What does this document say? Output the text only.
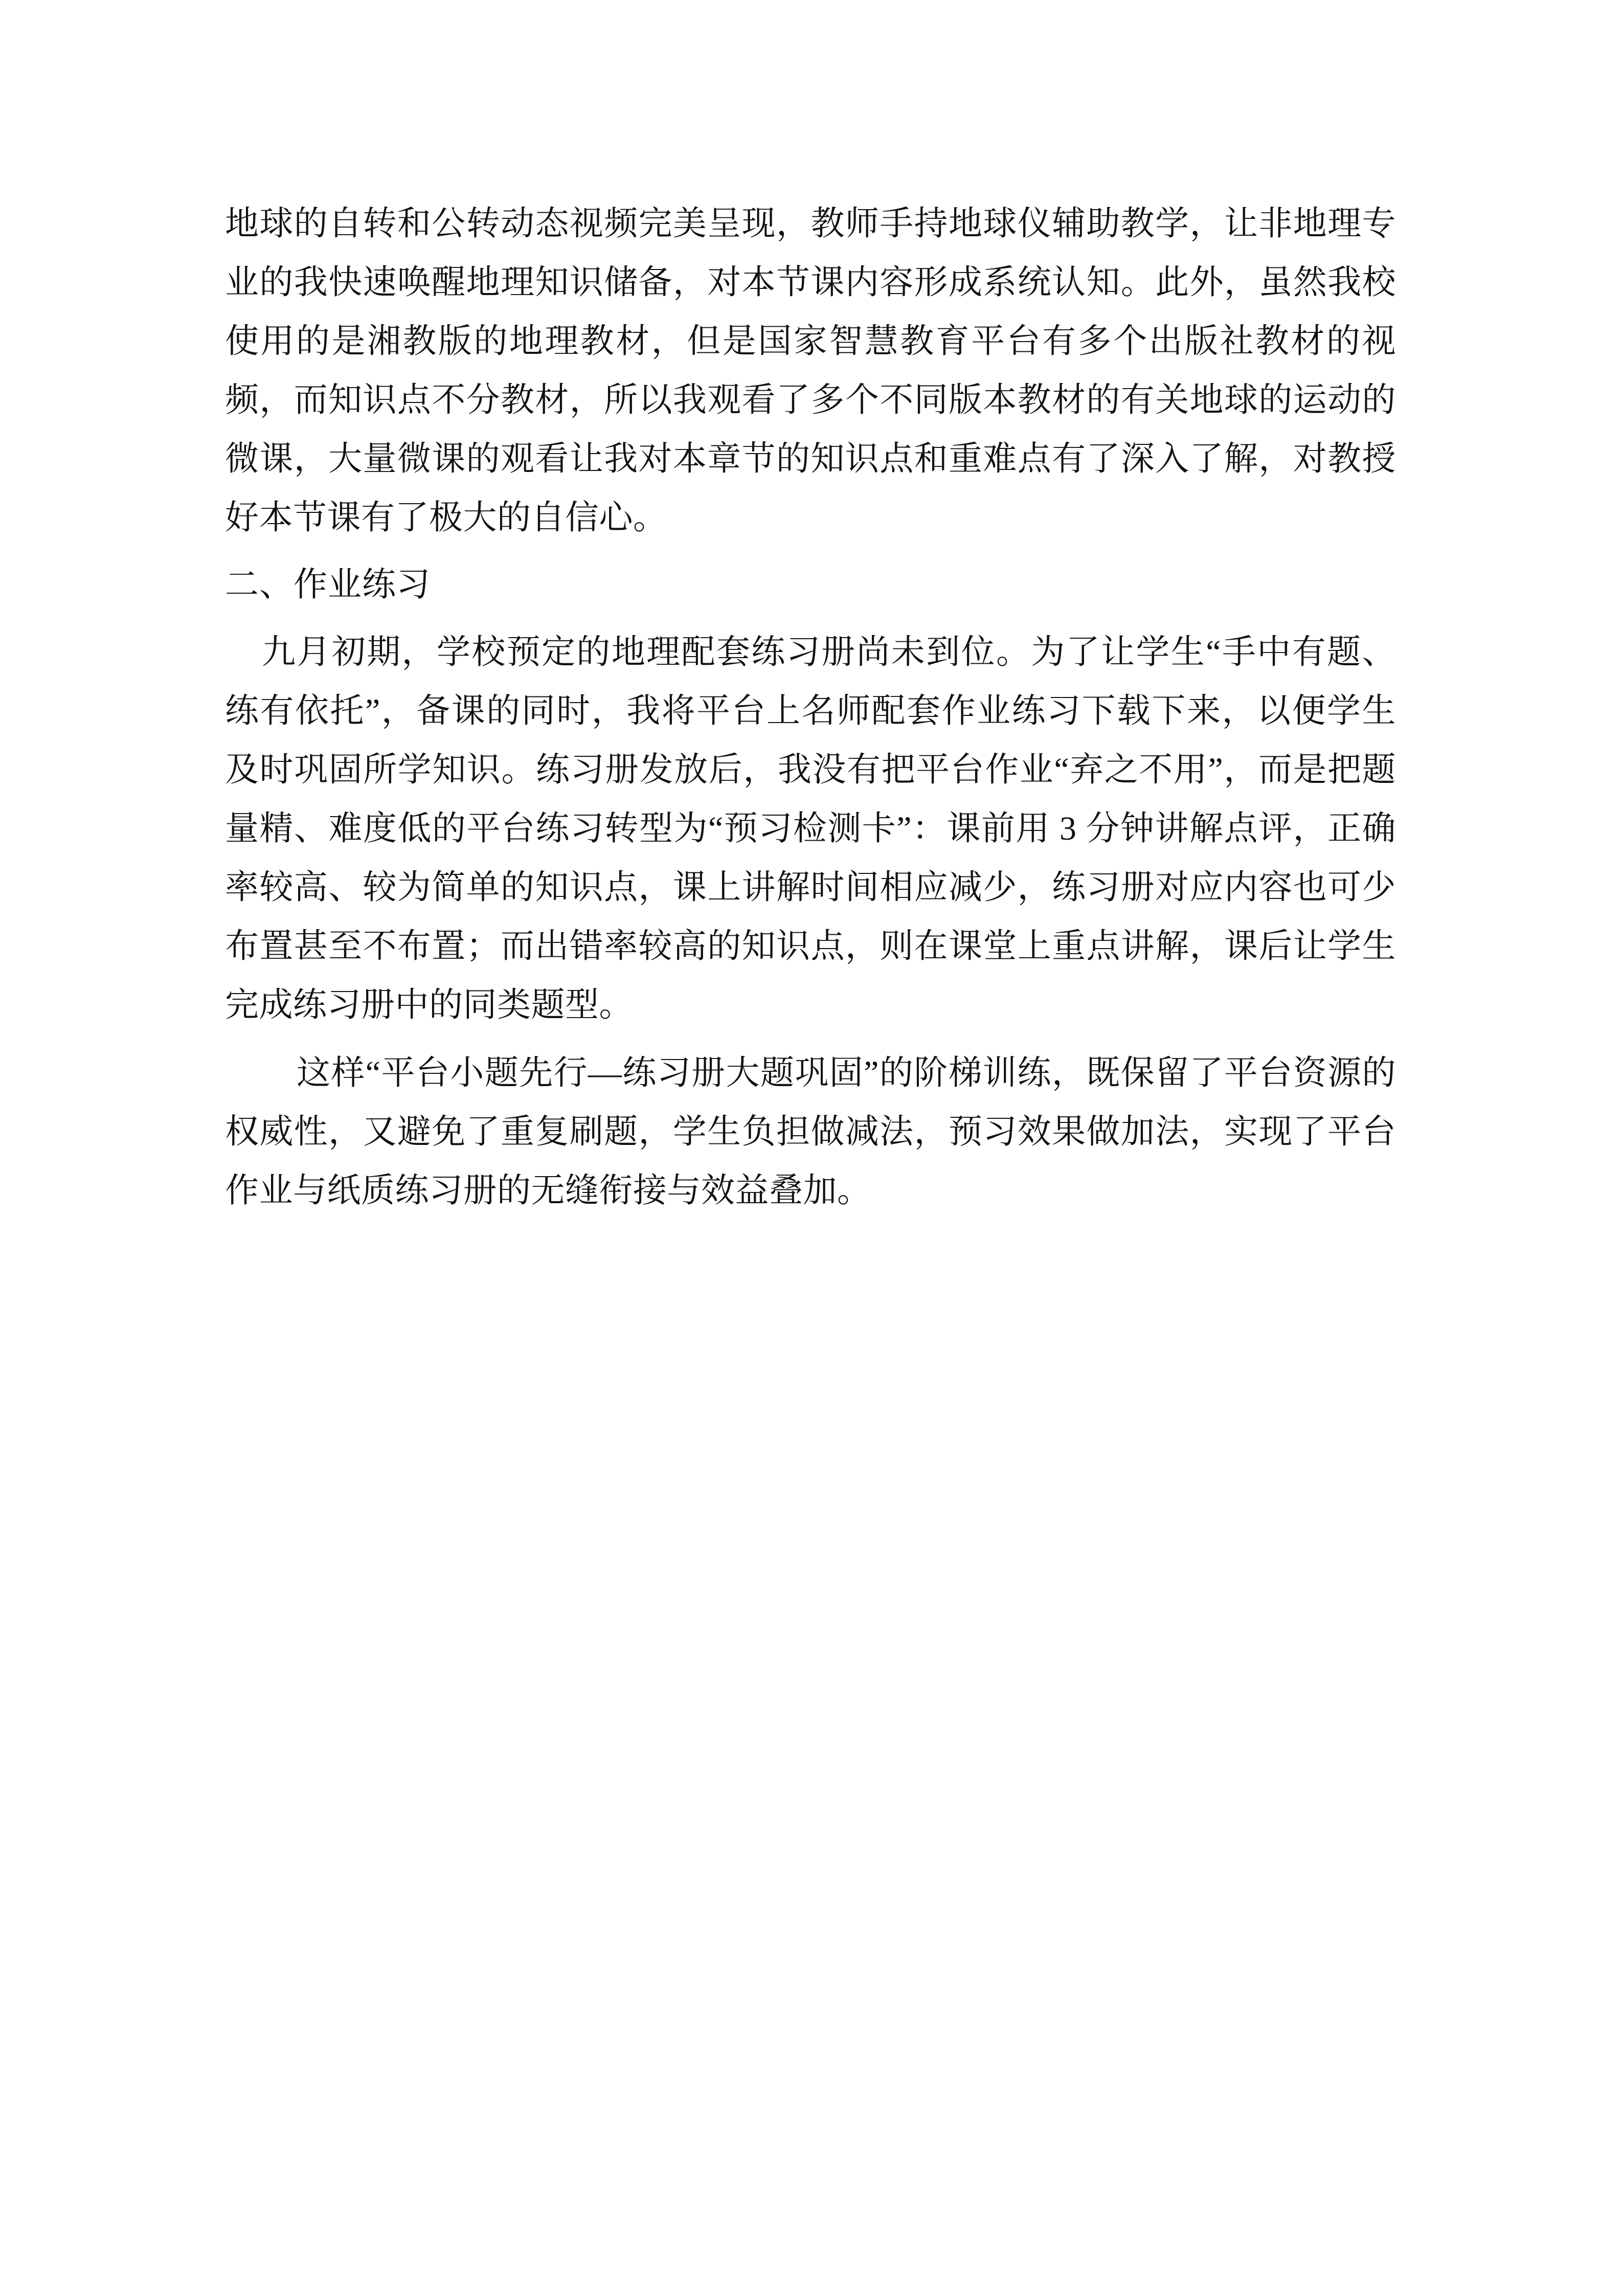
地球的自转和公转动态视频完美呈现，教师手持地球仪辅助教学，让非地理专业的我快速唤醒地理知识储备，对本节课内容形成系统认知。此外，虽然我校使用的是湘教版的地理教材，但是国家智慧教育平台有多个出版社教材的视频，而知识点不分教材，所以我观看了多个不同版本教材的有关地球的运动的微课，大量微课的观看让我对本章节的知识点和重难点有了深入了解，对教授好本节课有了极大的自信心。

二、作业练习

九月初期，学校预定的地理配套练习册尚未到位。为了让学生“手中有题、练有依托”，备课的同时，我将平台上名师配套作业练习下载下来，以便学生及时巩固所学知识。练习册发放后，我没有把平台作业“弃之不用”，而是把题量精、难度低的平台练习转型为“预习检测卡”：课前用 3 分钟讲解点评，正确率较高、较为简单的知识点，课上讲解时间相应减少，练习册对应内容也可少布置甚至不布置；而出错率较高的知识点，则在课堂上重点讲解，课后让学生完成练习册中的同类题型。

这样“平台小题先行—练习册大题巩固”的阶梯训练，既保留了平台资源的权威性，又避免了重复刷题，学生负担做减法，预习效果做加法，实现了平台作业与纸质练习册的无缝衔接与效益叠加。
